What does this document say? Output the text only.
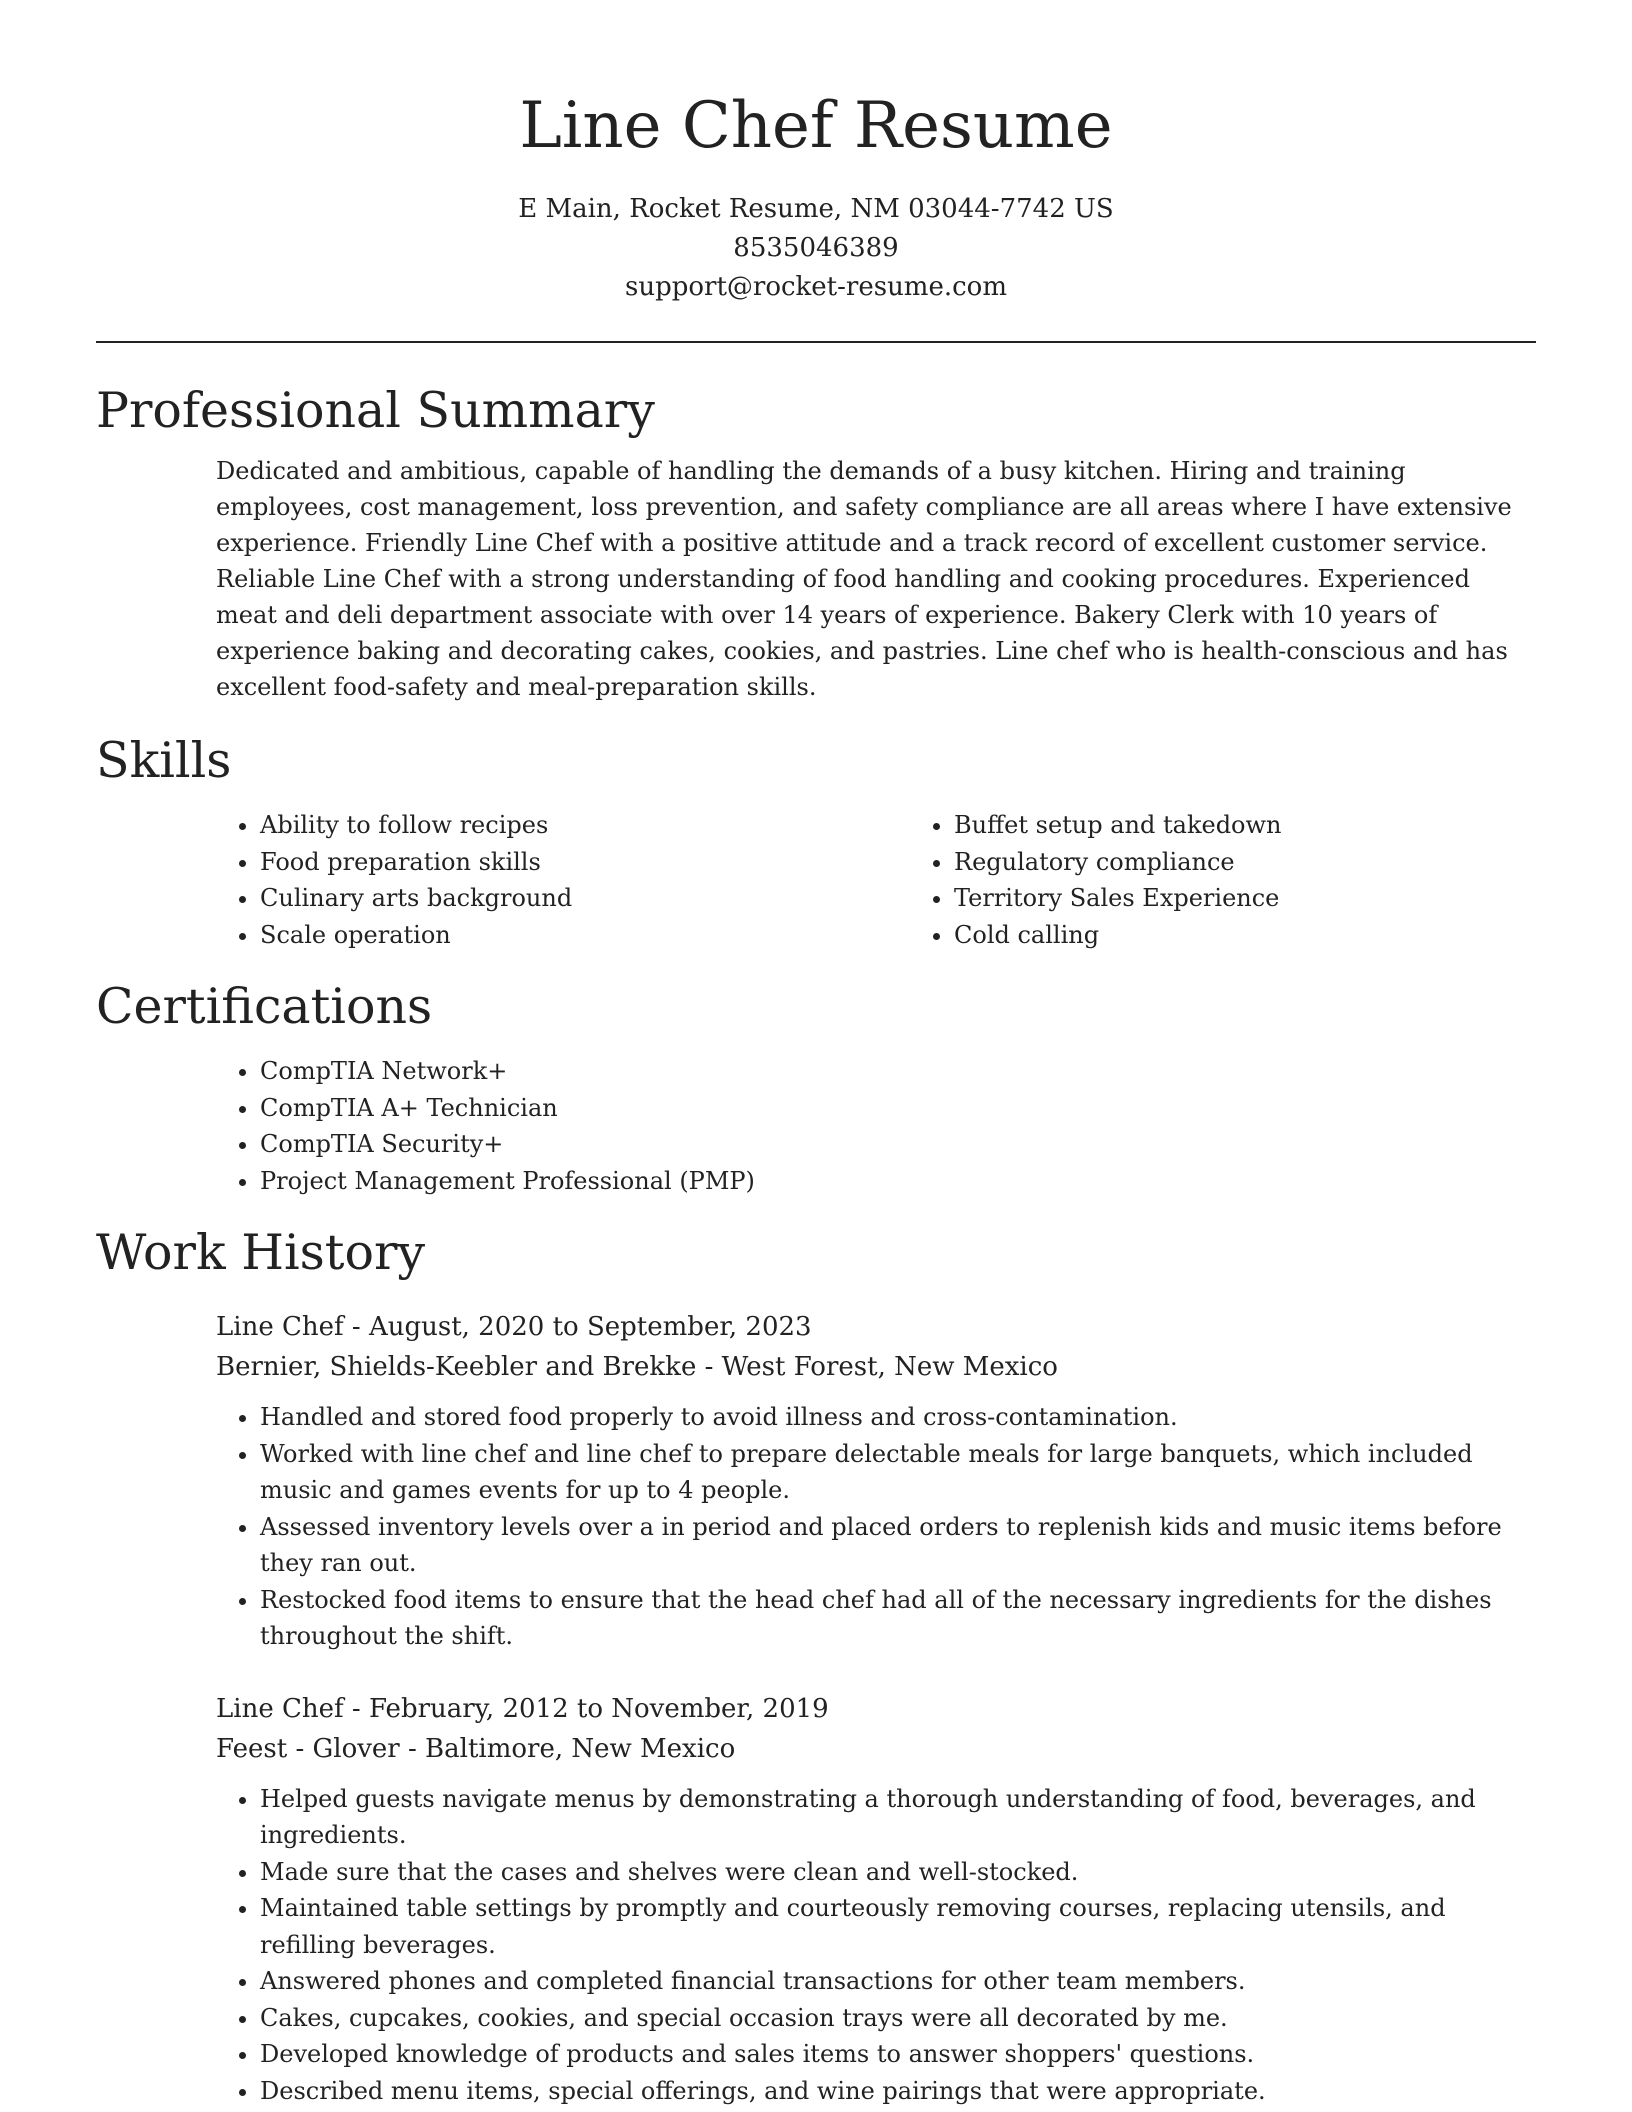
Line Chef Resume
E Main, Rocket Resume, NM 03044-7742 US
8535046389
support@rocket-resume.com
Professional Summary

Dedicated and ambitious, capable of handling the demands of a busy kitchen. Hiring and training employees, cost management, loss prevention, and safety compliance are all areas where I have extensive experience. Friendly Line Chef with a positive attitude and a track record of excellent customer service. Reliable Line Chef with a strong understanding of food handling and cooking procedures. Experienced meat and deli department associate with over 14 years of experience. Bakery Clerk with 10 years of experience baking and decorating cakes, cookies, and pastries. Line chef who is health-conscious and has excellent food-safety and meal-preparation skills.

Skills
• Ability to follow recipes
• Food preparation skills
• Culinary arts background
• Scale operation
• Buffet setup and takedown
• Regulatory compliance
• Territory Sales Experience
• Cold calling
Certifications
• CompTIA Network+
• CompTIA A+ Technician
• CompTIA Security+
• Project Management Professional (PMP)
Work History
Line Chef - August, 2020 to September, 2023
Bernier, Shields-Keebler and Brekke - West Forest, New Mexico
• Handled and stored food properly to avoid illness and cross-contamination.
• Worked with line chef and line chef to prepare delectable meals for large banquets, which included music and games events for up to 4 people.
• Assessed inventory levels over a in period and placed orders to replenish kids and music items before they ran out.
• Restocked food items to ensure that the head chef had all of the necessary ingredients for the dishes throughout the shift.
Line Chef - February, 2012 to November, 2019
Feest - Glover - Baltimore, New Mexico
• Helped guests navigate menus by demonstrating a thorough understanding of food, beverages, and ingredients.
• Made sure that the cases and shelves were clean and well-stocked.
• Maintained table settings by promptly and courteously removing courses, replacing utensils, and refilling beverages.
• Answered phones and completed financial transactions for other team members.
• Cakes, cupcakes, cookies, and special occasion trays were all decorated by me.
• Developed knowledge of products and sales items to answer shoppers' questions.
• Described menu items, special offerings, and wine pairings that were appropriate.
